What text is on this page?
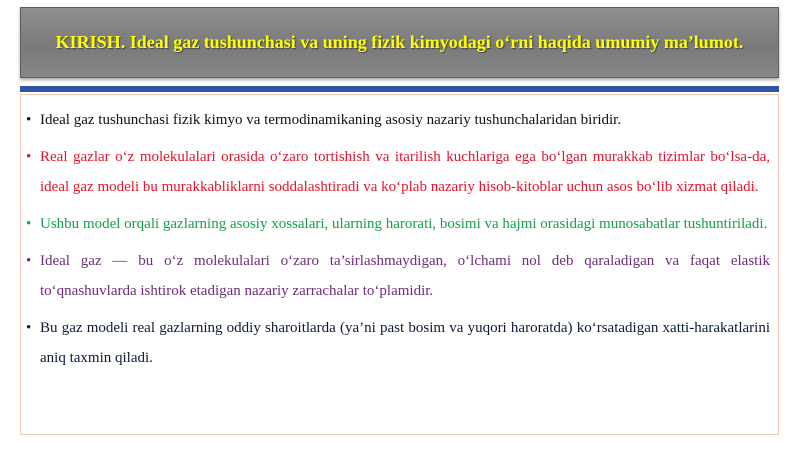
KIRISH. Ideal gaz tushunchasi va uning fizik kimyodagi o‘rni haqida umumiy ma’lumot.
• Ideal gaz tushunchasi fizik kimyo va termodinamikaning asosiy nazariy tushunchalaridan biridir.
• Real gazlar o‘z molekulalari orasida o‘zaro tortishish va itarilish kuchlariga ega bo‘lgan murakkab tizimlar bo‘lsa-da, ideal gaz modeli bu murakkabliklarni soddalashtiradi va ko‘plab nazariy hisob-kitoblar uchun asos bo‘lib xizmat qiladi.
• Ushbu model orqali gazlarning asosiy xossalari, ularning harorati, bosimi va hajmi orasidagi munosabatlar tushuntiriladi.
• Ideal gaz — bu o‘z molekulalari o‘zaro ta’sirlashmaydigan, o‘lchami nol deb qaraladigan va faqat elastik to‘qnashuvlarda ishtirok etadigan nazariy zarrachalar to‘plamidir.
• Bu gaz modeli real gazlarning oddiy sharoitlarda (ya’ni past bosim va yuqori haroratda) ko‘rsatadigan xatti-harakatlarini aniq taxmin qiladi.
